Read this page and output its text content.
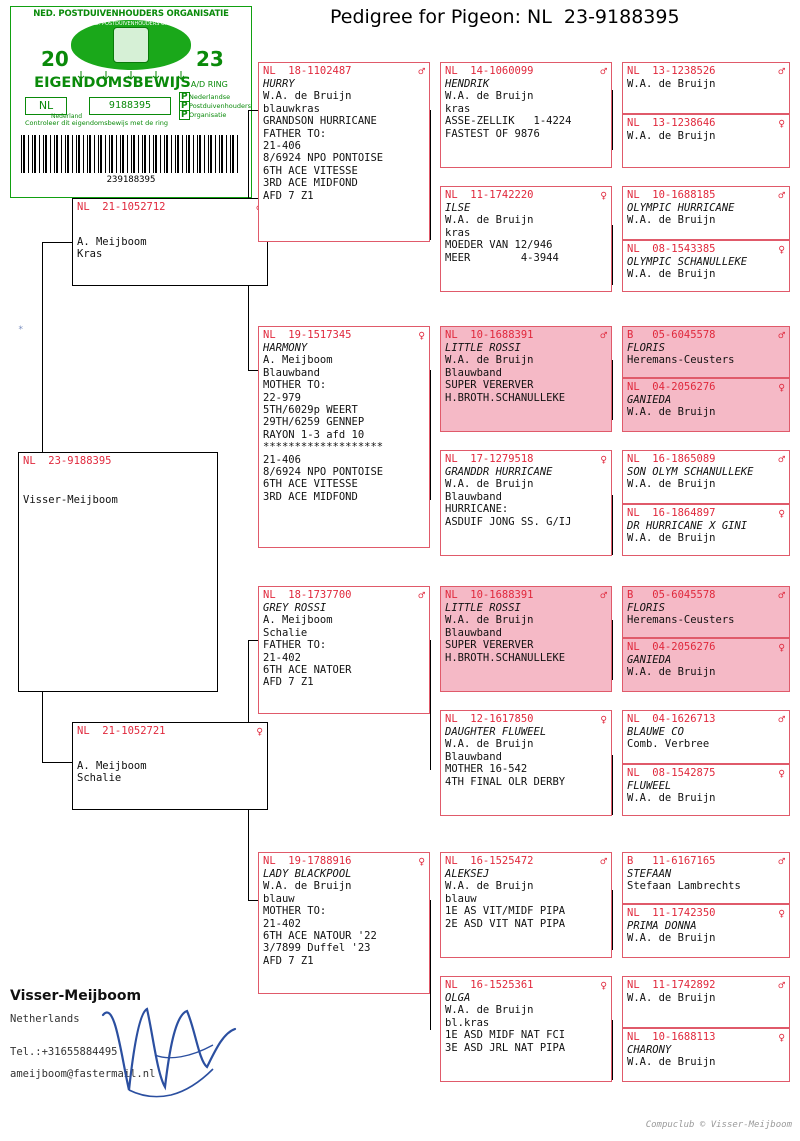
Pedigree for Pigeon: NL  23-9188395
NED. POSTDUIVENHOUDERS ORGANISATIE
NED. POSTDUIVENHOUDERS ORG.
20	23
EIGENDOMSBEWIJSA/D RING
NL	9188395
Nederland
P Nederlandse
P Postduivenhouders
P Organisatie
Controleer dit eigendomsbewijs met de ring
239188395
*
NL  23-9188395
Visser-Meijboom
NL  21-1052712
A. Meijboom
Kras
NL  21-1052721	♀
A. Meijboom
Schalie
NL  18-1102487	♂
HURRY
W.A. de Bruijn
blauwkras
GRANDSON HURRICANE
FATHER TO:
21-406
8/6924 NPO PONTOISE
6TH ACE VITESSE
3RD ACE MIDFOND
AFD 7 Z1
NL  19-1517345	♀
HARMONY
A. Meijboom
Blauwband
MOTHER TO:
22-979
5TH/6029p WEERT
29TH/6259 GENNEP
RAYON 1-3 afd 10
*******************
21-406
8/6924 NPO PONTOISE
6TH ACE VITESSE
3RD ACE MIDFOND
NL  18-1737700	♂
GREY ROSSI
A. Meijboom
Schalie
FATHER TO:
21-402
6TH ACE NATOER
AFD 7 Z1
NL  19-1788916	♀
LADY BLACKPOOL
W.A. de Bruijn
blauw
MOTHER TO:
21-402
6TH ACE NATOUR '22
3/7899 Duffel '23
AFD 7 Z1
NL  14-1060099	♂
HENDRIK
W.A. de Bruijn
kras
ASSE-ZELLIK   1-4224
FASTEST OF 9876
NL  11-1742220	♀
ILSE
W.A. de Bruijn
kras
MOEDER VAN 12/946
MEER        4-3944
NL  10-1688391	♂
LITTLE ROSSI
W.A. de Bruijn
Blauwband
SUPER VERERVER
H.BROTH.SCHANULLEKE
NL  17-1279518	♀
GRANDDR HURRICANE
W.A. de Bruijn
Blauwband
HURRICANE:
ASDUIF JONG SS. G/IJ
NL  10-1688391	♂
LITTLE ROSSI
W.A. de Bruijn
Blauwband
SUPER VERERVER
H.BROTH.SCHANULLEKE
NL  12-1617850	♀
DAUGHTER FLUWEEL
W.A. de Bruijn
Blauwband
MOTHER 16-542
4TH FINAL OLR DERBY
NL  16-1525472	♂
ALEKSEJ
W.A. de Bruijn
blauw
1E AS VIT/MIDF PIPA
2E ASD VIT NAT PIPA
NL  16-1525361	♀
OLGA
W.A. de Bruijn
bl.kras
1E ASD MIDF NAT FCI
3E ASD JRL NAT PIPA
NL  13-1238526	♂
W.A. de Bruijn
NL  13-1238646	♀
W.A. de Bruijn
NL  10-1688185	♂
OLYMPIC HURRICANE
W.A. de Bruijn
NL  08-1543385	♀
OLYMPIC SCHANULLEKE
W.A. de Bruijn
B   05-6045578	♂
FLORIS
Heremans-Ceusters
NL  04-2056276	♀
GANIEDA
W.A. de Bruijn
NL  16-1865089	♂
SON OLYM SCHANULLEKE
W.A. de Bruijn
NL  16-1864897	♀
DR HURRICANE X GINI
W.A. de Bruijn
B   05-6045578	♂
FLORIS
Heremans-Ceusters
NL  04-2056276	♀
GANIEDA
W.A. de Bruijn
NL  04-1626713	♂
BLAUWE CO
Comb. Verbree
NL  08-1542875	♀
FLUWEEL
W.A. de Bruijn
B   11-6167165	♂
STEFAAN
Stefaan Lambrechts
NL  11-1742350	♀
PRIMA DONNA
W.A. de Bruijn
NL  11-1742892	♂
W.A. de Bruijn
NL  10-1688113	♀
CHARONY
W.A. de Bruijn
Visser-Meijboom
Netherlands
Tel.:+31655884495
ameijboom@fastermail.nl
Compuclub © Visser-Meijboom
